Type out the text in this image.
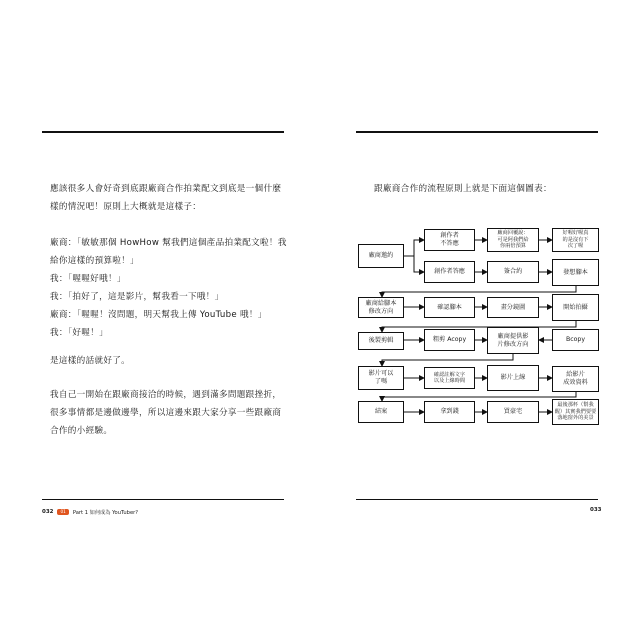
應該很多人會好奇到底跟廠商合作拍業配文到底是一個什麼
樣的情況吧！原則上大概就是這樣子：
廠商：「敏敏那個 HowHow 幫我們這個產品拍業配文啦！我
給你這樣的預算啦！」
我：「喔喔好哦！」
我：「拍好了，這是影片，幫我看一下哦！」
廠商：「喔喔！沒問題，明天幫我上傳 YouTube 哦！」
我：「好喔！」
是這樣的話就好了。
我自己一開始在跟廠商接洽的時候，遇到滿多問題跟挫折，
很多事情都是邊做邊學，所以這邊來跟大家分享一些跟廠商
合作的小經驗。
032	01	Part 1 如何成為 YouTuber?
跟廠商合作的流程原則上就是下面這個圖表：
廠商邀約
創作者
不答應
廠商回覆說：
可是阿我們給
你兩倍預算
好喔好喔真
的是沒有下
次了喔
創作者答應	簽合約	發想腳本
廠商給腳本
修改方向
確認腳本	畫分鏡圖	開始拍攝
後製剪輯	粗剪 Acopy	廠商提供影
片修改方向
Bcopy
影片可以
了嗎
確認註解文字
以及上線時間	影片上線	給影片
成效資料
結案	拿到錢	買豪宅
最後那杯（幫我
醒）其實我們要要
落地窗外的美景
033
